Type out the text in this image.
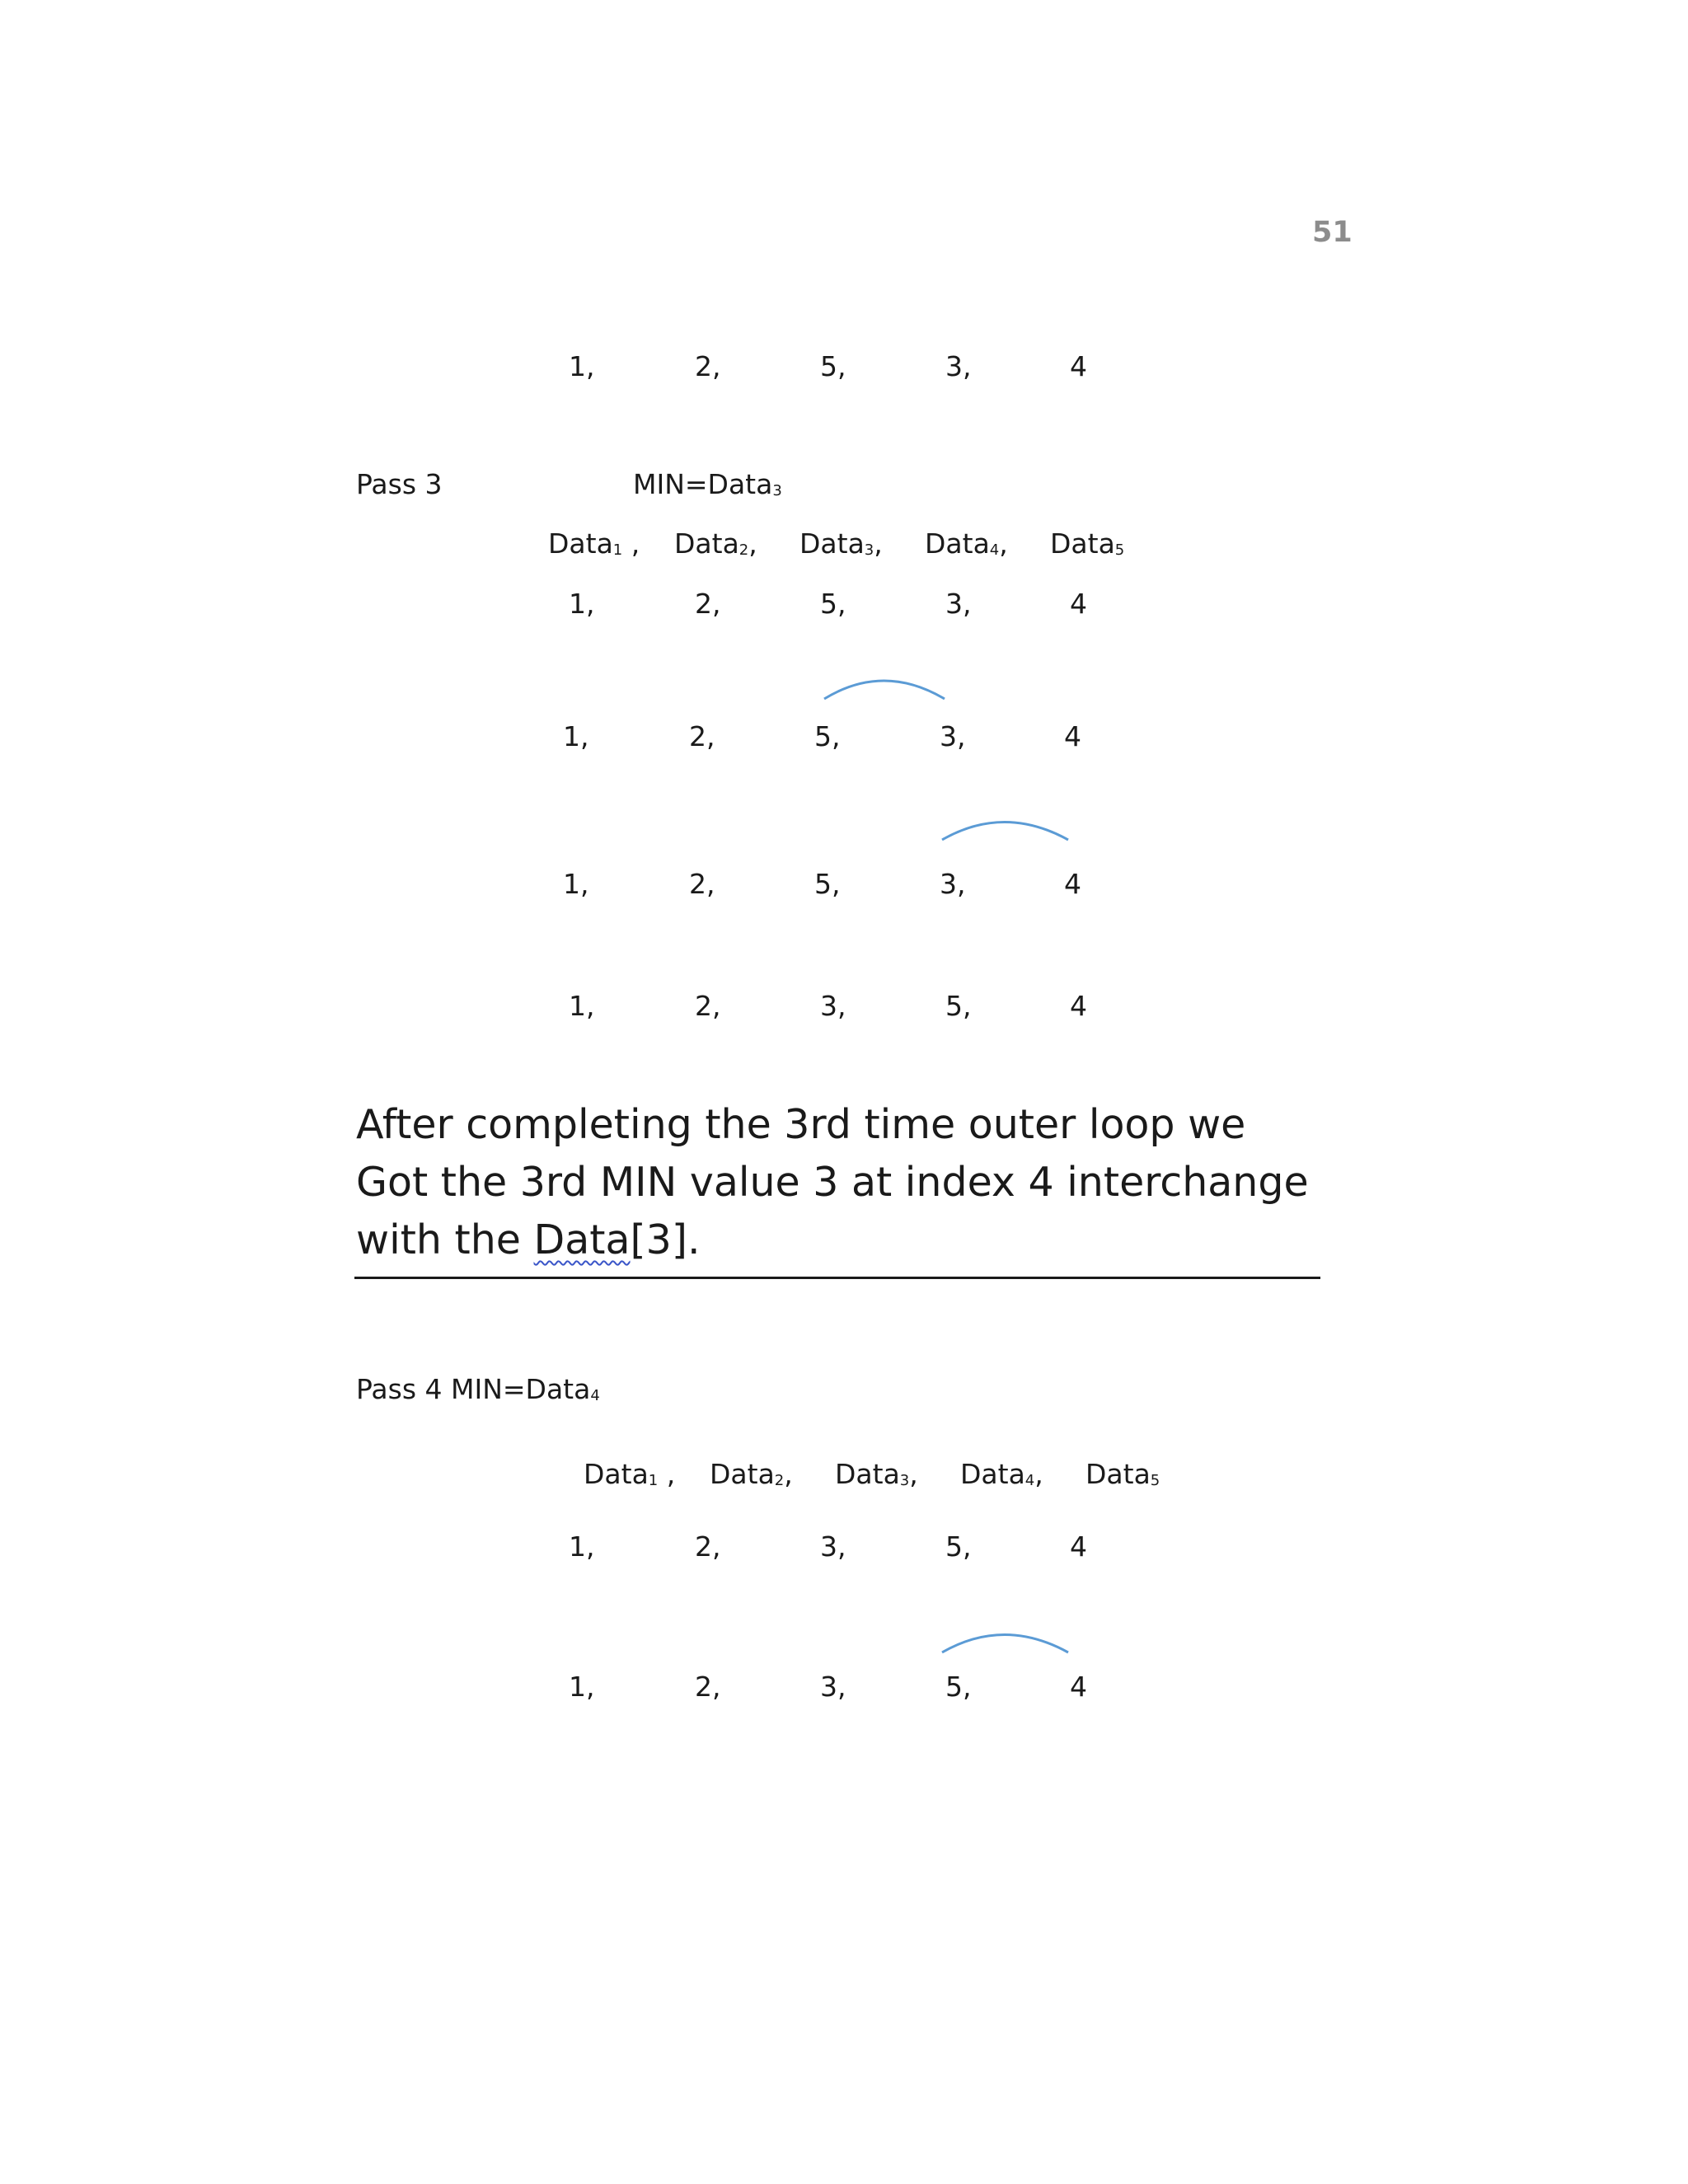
51
1,	2,	5,	3,	4
Pass 3	MIN=Data$_3$
Data$_1$ , Data$_2$, Data$_3$, Data$_4$, Data$_5$
1,	2,	5,	3,	4
1,	2,	5,	3,	4
1,	2,	5,	3,	4
1,	2,	3,	5,	4
After completing the 3rd time outer loop we Got the 3rd MIN value 3 at index 4 interchange with the Data[3].
Pass 4 MIN=Data$_4$
Data$_1$ , Data$_2$, Data$_3$, Data$_4$, Data$_5$
1,	2,	3,	5,	4
1,	2,	3,	5,	4
